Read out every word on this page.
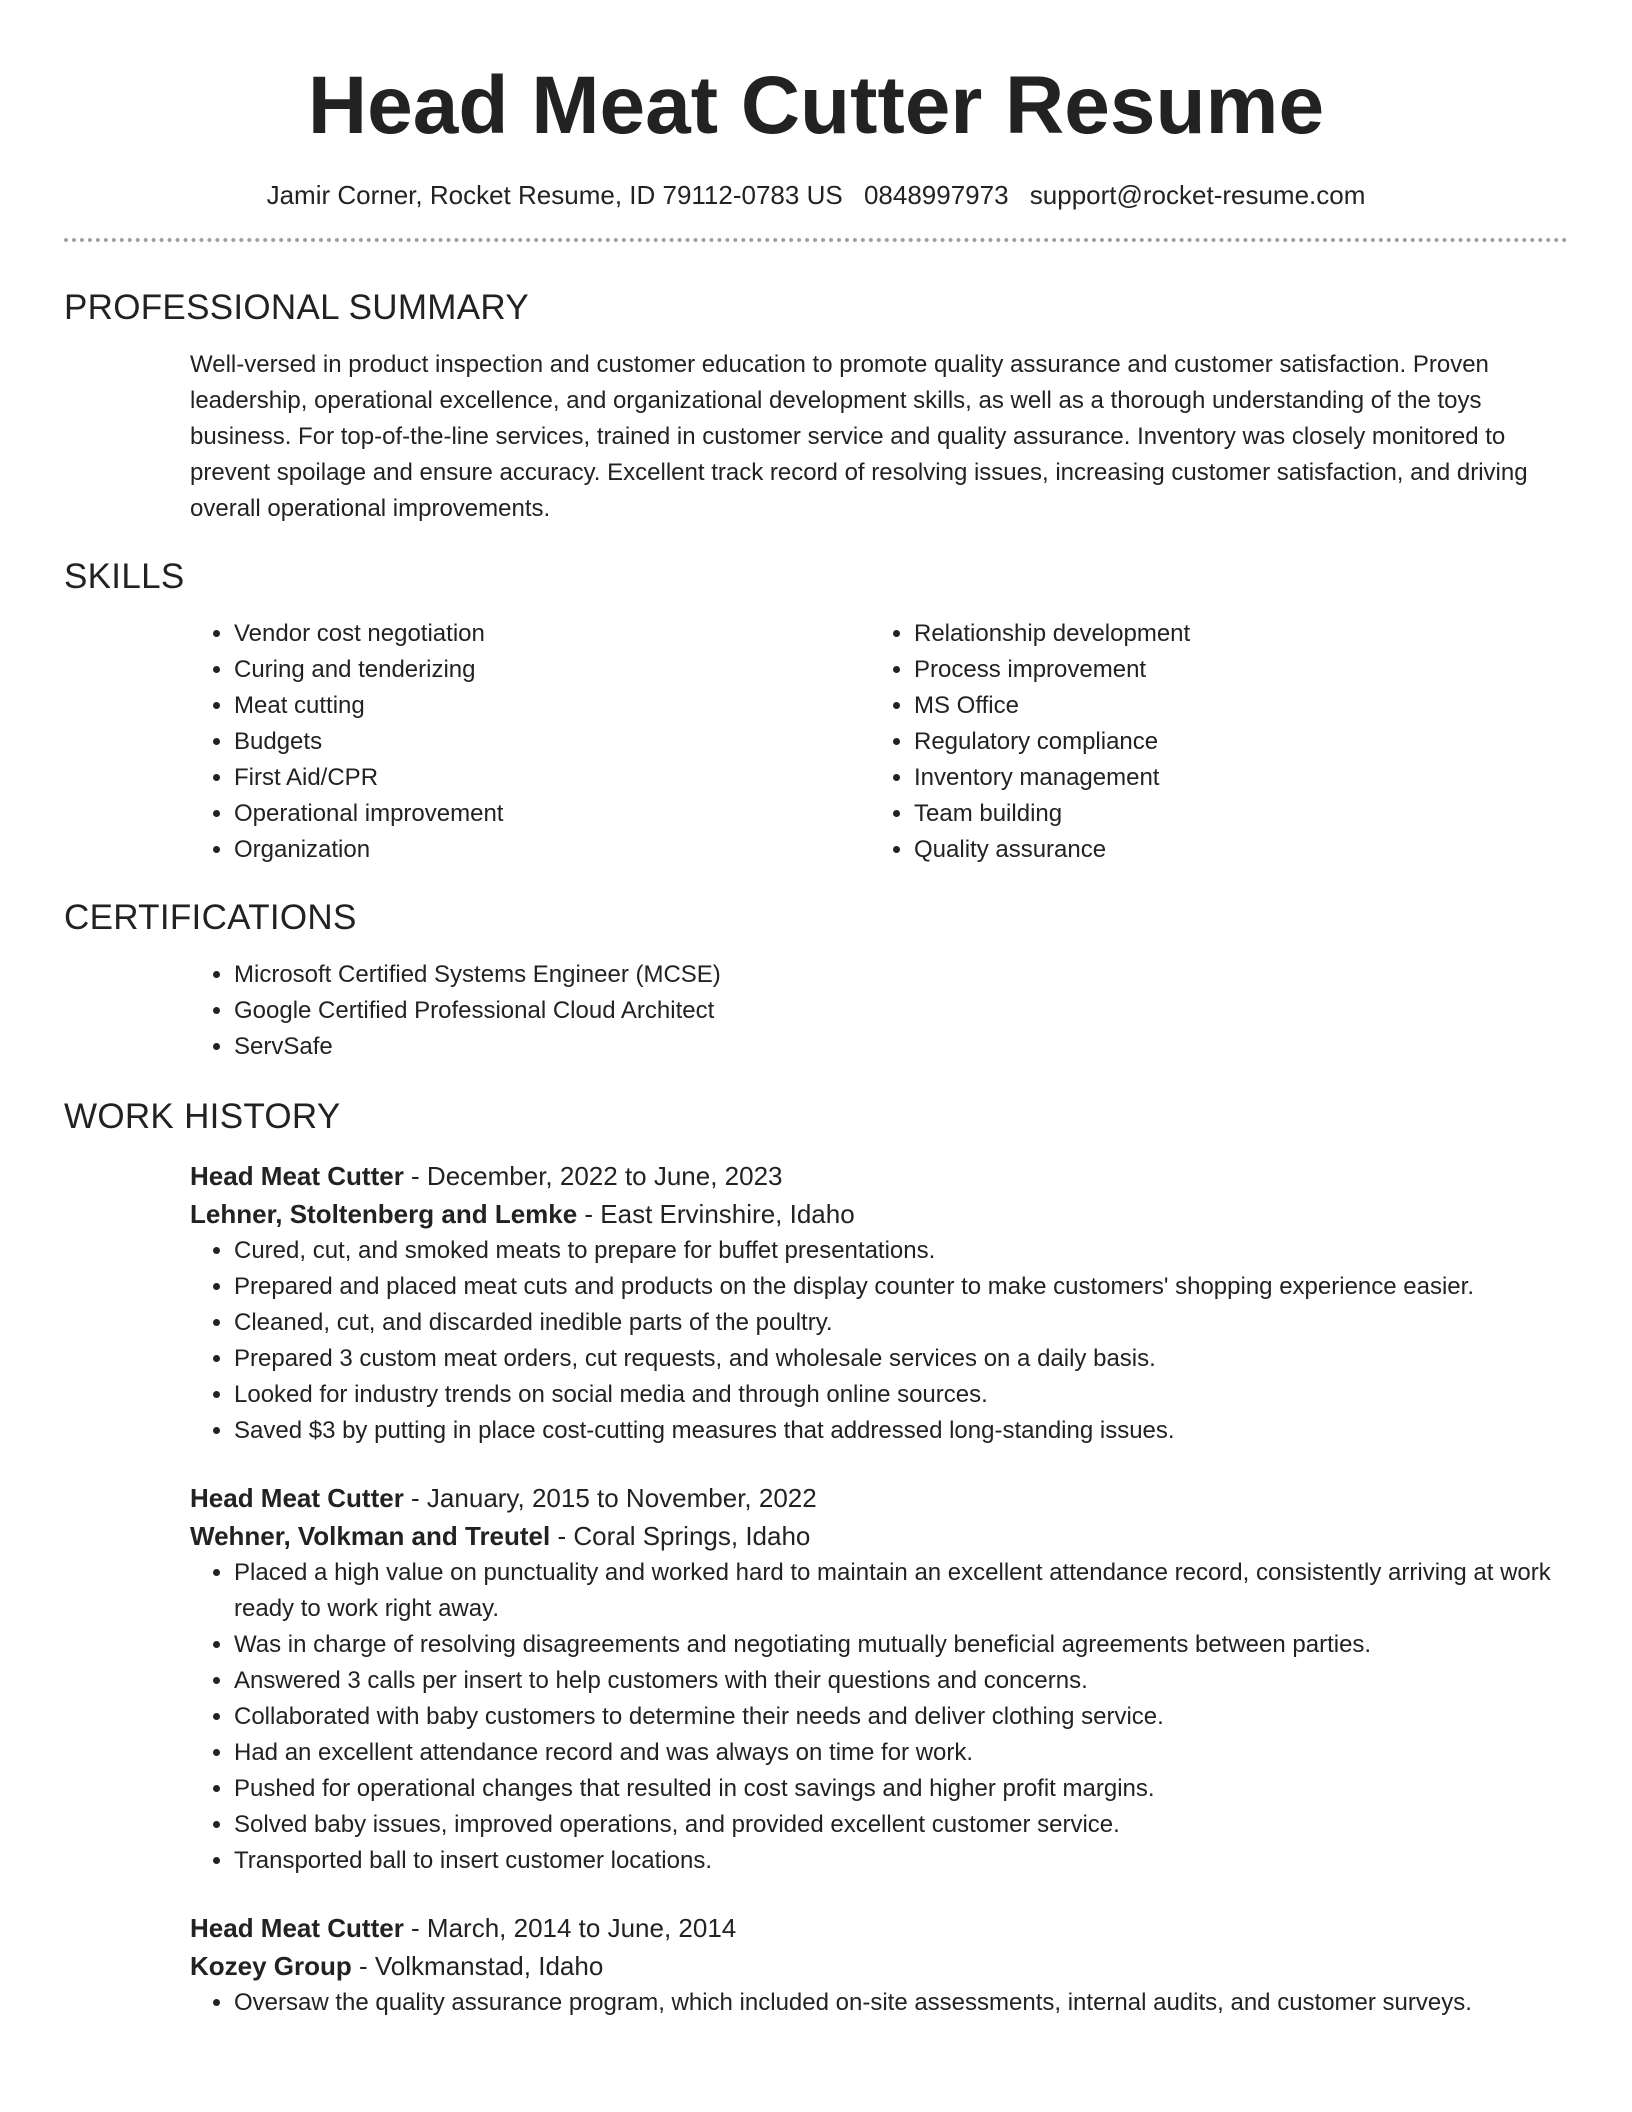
Head Meat Cutter Resume
Jamir Corner, Rocket Resume, ID 79112-0783 US 0848997973 support@rocket-resume.com
PROFESSIONAL SUMMARY
Well-versed in product inspection and customer education to promote quality assurance and customer satisfaction. Proven leadership, operational excellence, and organizational development skills, as well as a thorough understanding of the toys business. For top-of-the-line services, trained in customer service and quality assurance. Inventory was closely monitored to prevent spoilage and ensure accuracy. Excellent track record of resolving issues, increasing customer satisfaction, and driving overall operational improvements.
SKILLS
• Vendor cost negotiation
• Curing and tenderizing
• Meat cutting
• Budgets
• First Aid/CPR
• Operational improvement
• Organization
• Relationship development
• Process improvement
• MS Office
• Regulatory compliance
• Inventory management
• Team building
• Quality assurance
CERTIFICATIONS
• Microsoft Certified Systems Engineer (MCSE)
• Google Certified Professional Cloud Architect
• ServSafe
WORK HISTORY
Head Meat Cutter - December, 2022 to June, 2023
Lehner, Stoltenberg and Lemke - East Ervinshire, Idaho
• Cured, cut, and smoked meats to prepare for buffet presentations.
• Prepared and placed meat cuts and products on the display counter to make customers' shopping experience easier.
• Cleaned, cut, and discarded inedible parts of the poultry.
• Prepared 3 custom meat orders, cut requests, and wholesale services on a daily basis.
• Looked for industry trends on social media and through online sources.
• Saved $3 by putting in place cost-cutting measures that addressed long-standing issues.
Head Meat Cutter - January, 2015 to November, 2022
Wehner, Volkman and Treutel - Coral Springs, Idaho
• Placed a high value on punctuality and worked hard to maintain an excellent attendance record, consistently arriving at work ready to work right away.
• Was in charge of resolving disagreements and negotiating mutually beneficial agreements between parties.
• Answered 3 calls per insert to help customers with their questions and concerns.
• Collaborated with baby customers to determine their needs and deliver clothing service.
• Had an excellent attendance record and was always on time for work.
• Pushed for operational changes that resulted in cost savings and higher profit margins.
• Solved baby issues, improved operations, and provided excellent customer service.
• Transported ball to insert customer locations.
Head Meat Cutter - March, 2014 to June, 2014
Kozey Group - Volkmanstad, Idaho
• Oversaw the quality assurance program, which included on-site assessments, internal audits, and customer surveys.
